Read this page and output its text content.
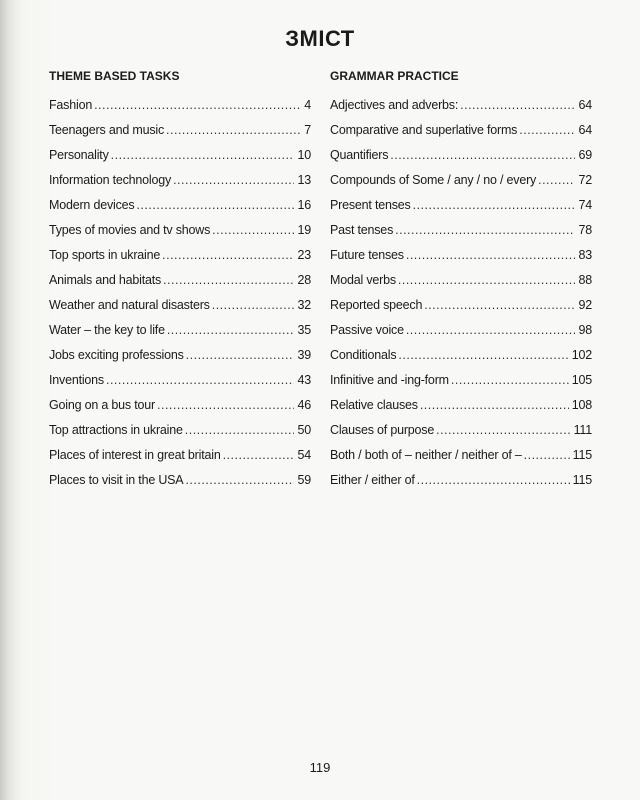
ЗМІСТ
THEME BASED TASKS
Fashion .....	4
Teenagers and music .....	7
Personality .....	10
Information technology .....	13
Modern devices .....	16
Types of movies and tv shows .....	19
Top sports in ukraine .....	23
Animals and habitats .....	28
Weather and natural disasters .....	32
Water – the key to life .....	35
Jobs exciting professions .....	39
Inventions .....	43
Going on a bus tour .....	46
Top attractions in ukraine .....	50
Places of interest in great britain .....	54
Places to visit in the USA .....	59
GRAMMAR PRACTICE
Adjectives and adverbs: .....	64
Comparative and superlative forms .....	64
Quantifiers .....	69
Compounds of Some / any / no / every .....	72
Present tenses .....	74
Past tenses .....	78
Future tenses .....	83
Modal verbs .....	88
Reported speech .....	92
Passive voice .....	98
Conditionals .....	102
Infinitive and -ing-form .....	105
Relative clauses .....	108
Clauses of purpose .....	111
Both / both of – neither / neither of – .....	115
Either / either of .....	115
119
